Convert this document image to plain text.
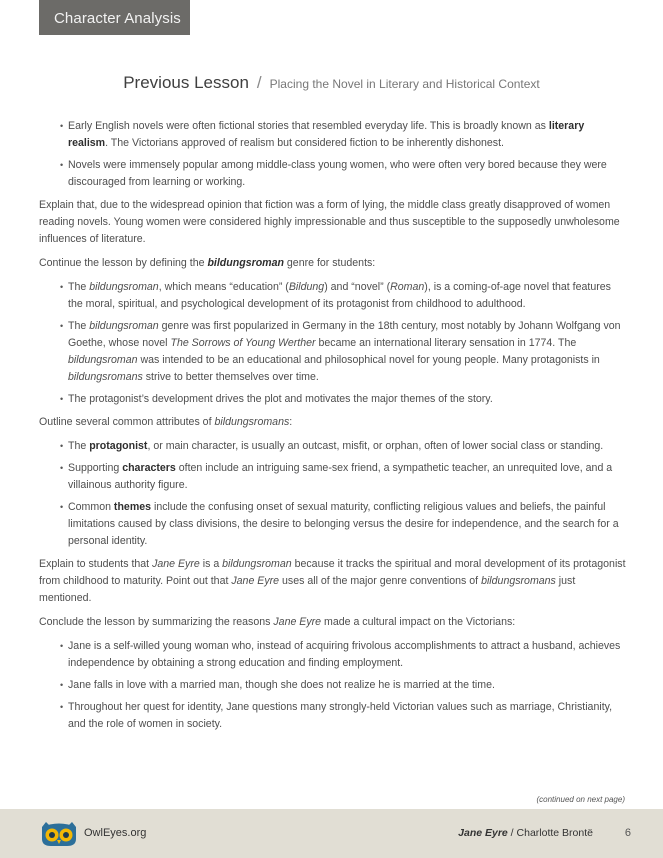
Character Analysis
Previous Lesson / Placing the Novel in Literary and Historical Context
• Early English novels were often fictional stories that resembled everyday life. This is broadly known as literary realism. The Victorians approved of realism but considered fiction to be inherently dishonest.
• Novels were immensely popular among middle-class young women, who were often very bored because they were discouraged from learning or working.

Explain that, due to the widespread opinion that fiction was a form of lying, the middle class greatly disapproved of women reading novels. Young women were considered highly impressionable and thus susceptible to the supposedly unwholesome influences of literature.

Continue the lesson by defining the bildungsroman genre for students:

• The bildungsroman, which means “education” (Bildung) and “novel” (Roman), is a coming-of-age novel that features the moral, spiritual, and psychological development of its protagonist from childhood to adulthood.
• The bildungsroman genre was first popularized in Germany in the 18th century, most notably by Johann Wolfgang von Goethe, whose novel The Sorrows of Young Werther became an international literary sensation in 1774. The bildungsroman was intended to be an educational and philosophical novel for young people. Many protagonists in bildungsromans strive to better themselves over time.
• The protagonist’s development drives the plot and motivates the major themes of the story.

Outline several common attributes of bildungsromans:

• The protagonist, or main character, is usually an outcast, misfit, or orphan, often of lower social class or standing.
• Supporting characters often include an intriguing same-sex friend, a sympathetic teacher, an unrequited love, and a villainous authority figure.
• Common themes include the confusing onset of sexual maturity, conflicting religious values and beliefs, the painful limitations caused by class divisions, the desire to belonging versus the desire for independence, and the search for a personal identity.

Explain to students that Jane Eyre is a bildungsroman because it tracks the spiritual and moral development of its protagonist from childhood to maturity. Point out that Jane Eyre uses all of the major genre conventions of bildungsromans just mentioned.

Conclude the lesson by summarizing the reasons Jane Eyre made a cultural impact on the Victorians:

• Jane is a self-willed young woman who, instead of acquiring frivolous accomplishments to attract a husband, achieves independence by obtaining a strong education and finding employment.
• Jane falls in love with a married man, though she does not realize he is married at the time.
• Throughout her quest for identity, Jane questions many strongly-held Victorian values such as marriage, Christianity, and the role of women in society.
(continued on next page)
OwlEyes.org	Jane Eyre / Charlotte Brontë	6
